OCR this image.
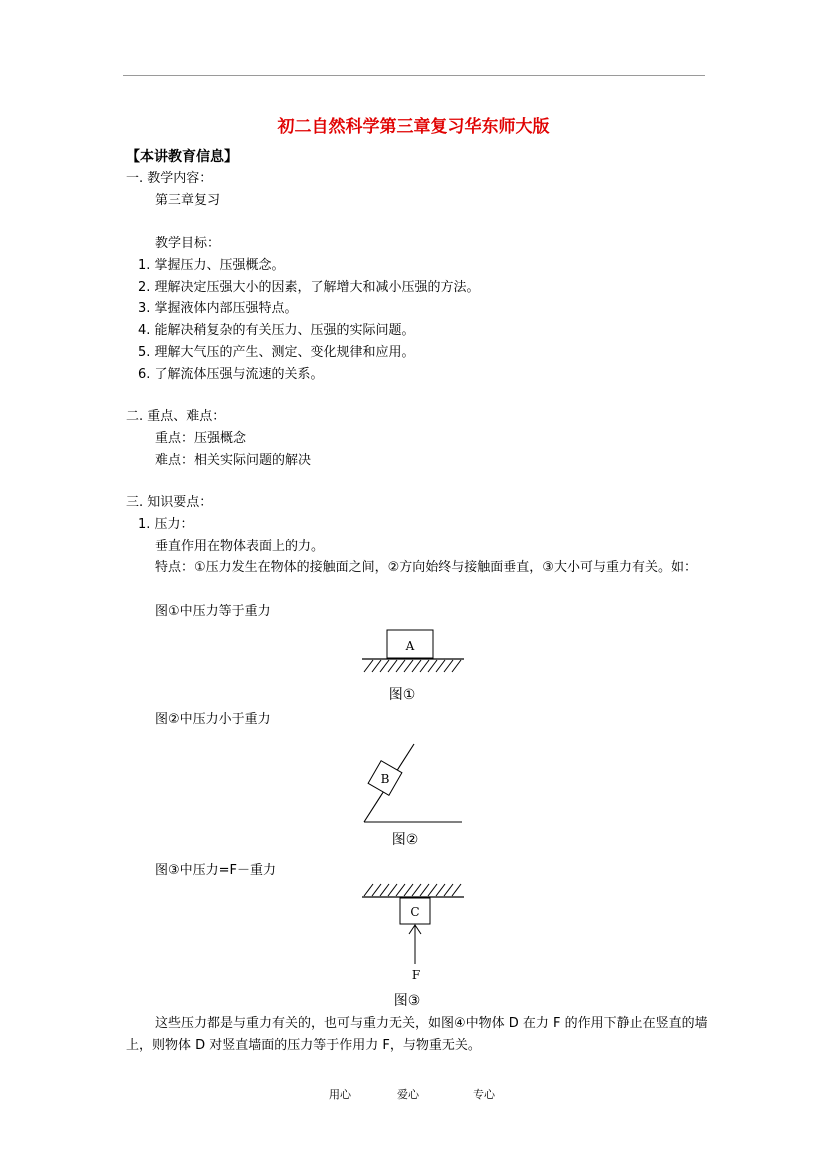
初二自然科学第三章复习华东师大版
【本讲教育信息】
一. 教学内容：
第三章复习
教学目标：
1. 掌握压力、压强概念。
2. 理解决定压强大小的因素，了解增大和减小压强的方法。
3. 掌握液体内部压强特点。
4. 能解决稍复杂的有关压力、压强的实际问题。
5. 理解大气压的产生、测定、变化规律和应用。
6. 了解流体压强与流速的关系。
二. 重点、难点：
重点：压强概念
难点：相关实际问题的解决
三. 知识要点：
1. 压力：
垂直作用在物体表面上的力。
特点：①压力发生在物体的接触面之间，②方向始终与接触面垂直，③大小可与重力有关。如：
图①中压力等于重力
A
图①
图②中压力小于重力
B
图②
图③中压力=F－重力
C
F
图③
这些压力都是与重力有关的，也可与重力无关，如图④中物体 D 在力 F 的作用下静止在竖直的墙上，则物体 D 对竖直墙面的压力等于作用力 F，与物重无关。
用心	爱心	专心
